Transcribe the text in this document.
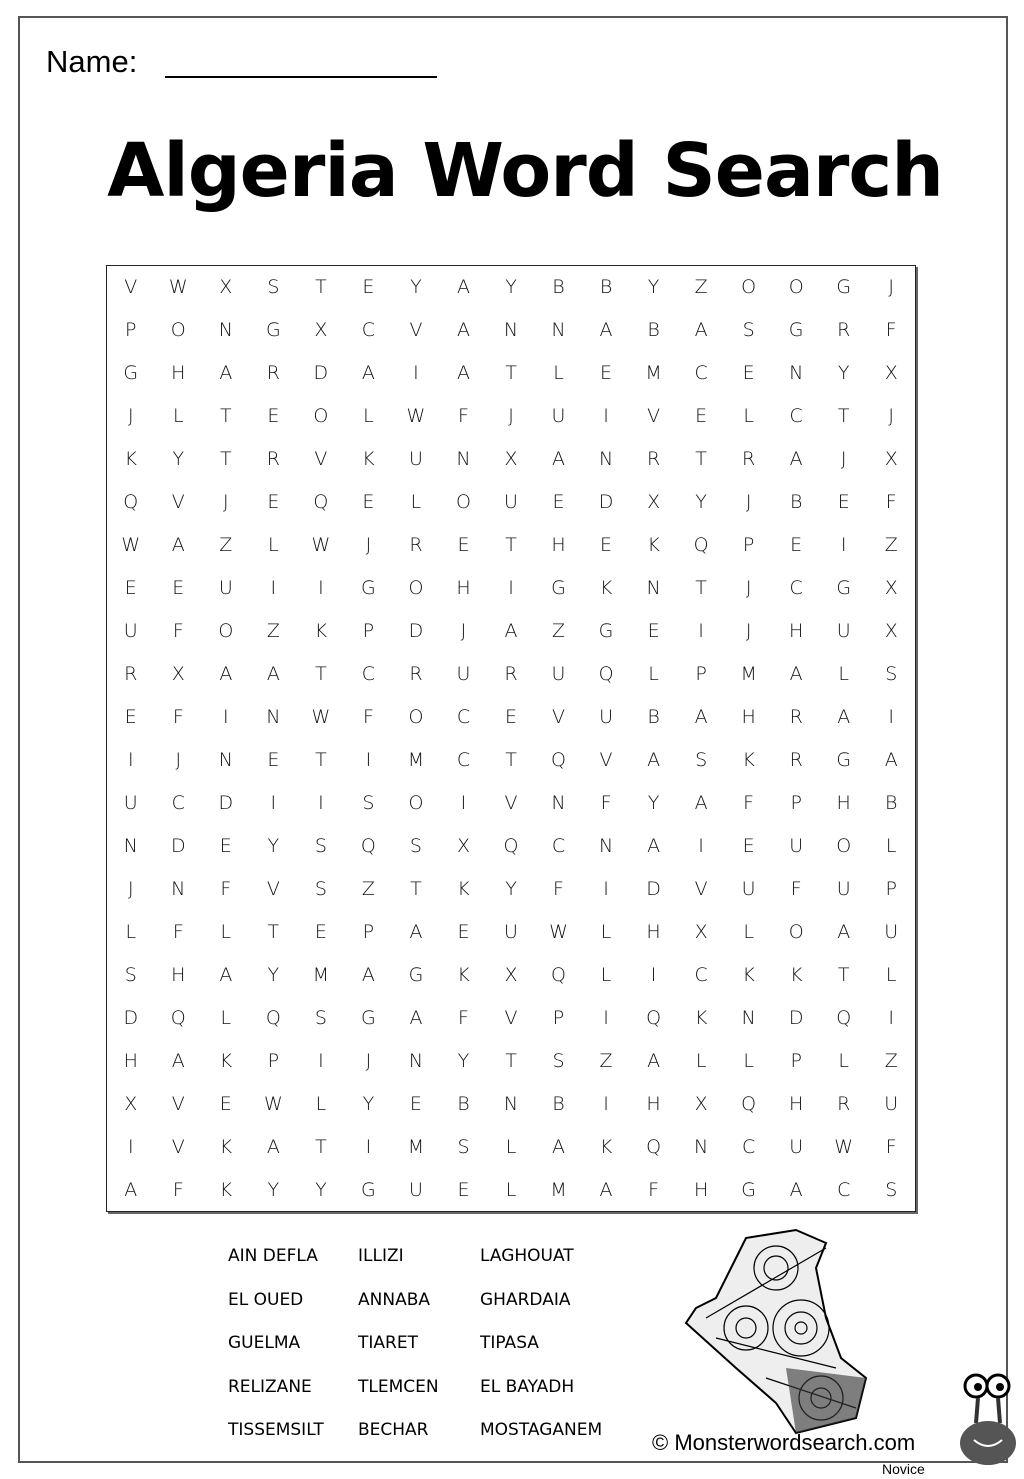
Name:
Algeria Word Search
V	W	X	S	T	E	Y	A	Y	B	B	Y	Z	O	O	G	J
P	O	N	G	X	C	V	A	N	N	A	B	A	S	G	R	F
G	H	A	R	D	A	I	A	T	L	E	M	C	E	N	Y	X
J	L	T	E	O	L	W	F	J	U	I	V	E	L	C	T	J
K	Y	T	R	V	K	U	N	X	A	N	R	T	R	A	J	X
Q	V	J	E	Q	E	L	O	U	E	D	X	Y	J	B	E	F
W	A	Z	L	W	J	R	E	T	H	E	K	Q	P	E	I	Z
E	E	U	I	I	G	O	H	I	G	K	N	T	J	C	G	X
U	F	O	Z	K	P	D	J	A	Z	G	E	I	J	H	U	X
R	X	A	A	T	C	R	U	R	U	Q	L	P	M	A	L	S
E	F	I	N	W	F	O	C	E	V	U	B	A	H	R	A	I
I	J	N	E	T	I	M	C	T	Q	V	A	S	K	R	G	A
U	C	D	I	I	S	O	I	V	N	F	Y	A	F	P	H	B
N	D	E	Y	S	Q	S	X	Q	C	N	A	I	E	U	O	L
J	N	F	V	S	Z	T	K	Y	F	I	D	V	U	F	U	P
L	F	L	T	E	P	A	E	U	W	L	H	X	L	O	A	U
S	H	A	Y	M	A	G	K	X	Q	L	I	C	K	K	T	L
D	Q	L	Q	S	G	A	F	V	P	I	Q	K	N	D	Q	I
H	A	K	P	I	J	N	Y	T	S	Z	A	L	L	P	L	Z
X	V	E	W	L	Y	E	B	N	B	I	H	X	Q	H	R	U
I	V	K	A	T	I	M	S	L	A	K	Q	N	C	U	W	F
A	F	K	Y	Y	G	U	E	L	M	A	F	H	G	A	C	S
AIN DEFLA	ILLIZI	LAGHOUAT
EL OUED	ANNABA	GHARDAIA
GUELMA	TIARET	TIPASA
RELIZANE	TLEMCEN	EL BAYADH
TISSEMSILT	BECHAR	MOSTAGANEM	© Monsterwordsearch.com
Novice
